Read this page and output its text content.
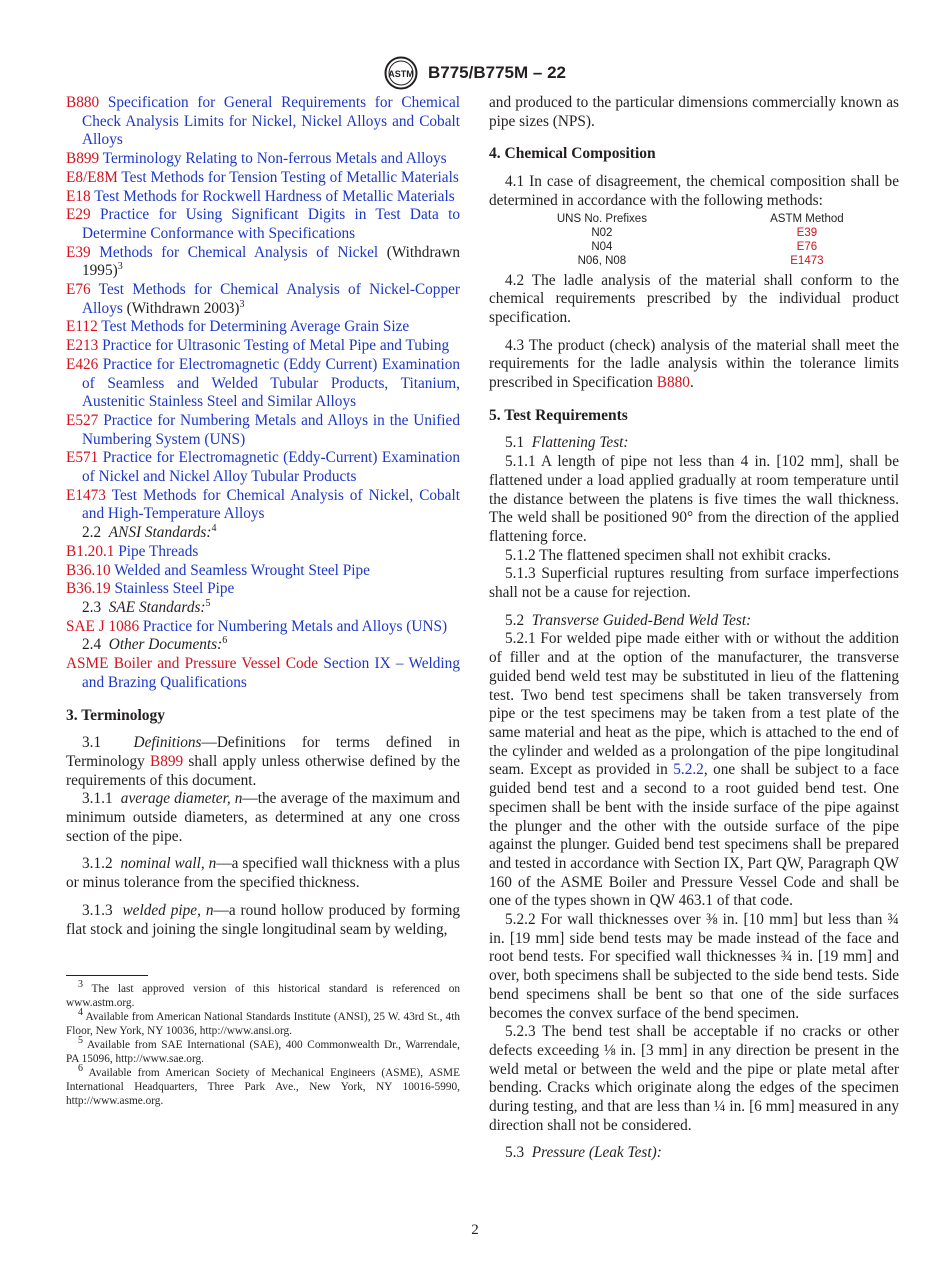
ASTM B775/B775M – 22

B880 Specification for General Requirements for Chemical Check Analysis Limits for Nickel, Nickel Alloys and Cobalt Alloys

B899 Terminology Relating to Non-ferrous Metals and Alloys

E8/E8M Test Methods for Tension Testing of Metallic Materials

E18 Test Methods for Rockwell Hardness of Metallic Materials

E29 Practice for Using Significant Digits in Test Data to Determine Conformance with Specifications

E39 Methods for Chemical Analysis of Nickel (Withdrawn 1995)$^3$

E76 Test Methods for Chemical Analysis of Nickel-Copper Alloys (Withdrawn 2003)$^3$

E112 Test Methods for Determining Average Grain Size

E213 Practice for Ultrasonic Testing of Metal Pipe and Tubing

E426 Practice for Electromagnetic (Eddy Current) Examination of Seamless and Welded Tubular Products, Titanium, Austenitic Stainless Steel and Similar Alloys

E527 Practice for Numbering Metals and Alloys in the Unified Numbering System (UNS)

E571 Practice for Electromagnetic (Eddy-Current) Examination of Nickel and Nickel Alloy Tubular Products

E1473 Test Methods for Chemical Analysis of Nickel, Cobalt and High-Temperature Alloys

2.2 ANSI Standards:$^4$

B1.20.1 Pipe Threads

B36.10 Welded and Seamless Wrought Steel Pipe

B36.19 Stainless Steel Pipe

2.3 SAE Standards:$^5$

SAE J 1086 Practice for Numbering Metals and Alloys (UNS)

2.4 Other Documents:$^6$

ASME Boiler and Pressure Vessel Code Section IX – Welding and Brazing Qualifications

3. Terminology

3.1 Definitions—Definitions for terms defined in Terminology B899 shall apply unless otherwise defined by the requirements of this document.

3.1.1 average diameter, n—the average of the maximum and minimum outside diameters, as determined at any one cross section of the pipe.

3.1.2 nominal wall, n—a specified wall thickness with a plus or minus tolerance from the specified thickness.

3.1.3 welded pipe, n—a round hollow produced by forming flat stock and joining the single longitudinal seam by welding,

$^3$ The last approved version of this historical standard is referenced on www.astm.org.

$^4$ Available from American National Standards Institute (ANSI), 25 W. 43rd St., 4th Floor, New York, NY 10036, http://www.ansi.org.

$^5$ Available from SAE International (SAE), 400 Commonwealth Dr., Warrendale, PA 15096, http://www.sae.org.

$^6$ Available from American Society of Mechanical Engineers (ASME), ASME International Headquarters, Three Park Ave., New York, NY 10016-5990, http://www.asme.org.

and produced to the particular dimensions commercially known as pipe sizes (NPS).

4. Chemical Composition

4.1 In case of disagreement, the chemical composition shall be determined in accordance with the following methods:

UNS No. Prefixes	ASTM Method
N02	E39
N04	E76
N06, N08	E1473

4.2 The ladle analysis of the material shall conform to the chemical requirements prescribed by the individual product specification.

4.3 The product (check) analysis of the material shall meet the requirements for the ladle analysis within the tolerance limits prescribed in Specification B880.

5. Test Requirements

5.1 Flattening Test:

5.1.1 A length of pipe not less than 4 in. [102 mm], shall be flattened under a load applied gradually at room temperature until the distance between the platens is five times the wall thickness. The weld shall be positioned 90° from the direction of the applied flattening force.

5.1.2 The flattened specimen shall not exhibit cracks.

5.1.3 Superficial ruptures resulting from surface imperfections shall not be a cause for rejection.

5.2 Transverse Guided-Bend Weld Test:

5.2.1 For welded pipe made either with or without the addition of filler and at the option of the manufacturer, the transverse guided bend weld test may be substituted in lieu of the flattening test. Two bend test specimens shall be taken transversely from pipe or the test specimens may be taken from a test plate of the same material and heat as the pipe, which is attached to the end of the cylinder and welded as a prolongation of the pipe longitudinal seam. Except as provided in 5.2.2, one shall be subject to a face guided bend test and a second to a root guided bend test. One specimen shall be bent with the inside surface of the pipe against the plunger and the other with the outside surface of the pipe against the plunger. Guided bend test specimens shall be prepared and tested in accordance with Section IX, Part QW, Paragraph QW 160 of the ASME Boiler and Pressure Vessel Code and shall be one of the types shown in QW 463.1 of that code.

5.2.2 For wall thicknesses over ⅜ in. [10 mm] but less than ¾ in. [19 mm] side bend tests may be made instead of the face and root bend tests. For specified wall thicknesses ¾ in. [19 mm] and over, both specimens shall be subjected to the side bend tests. Side bend specimens shall be bent so that one of the side surfaces becomes the convex surface of the bend specimen.

5.2.3 The bend test shall be acceptable if no cracks or other defects exceeding ⅛ in. [3 mm] in any direction be present in the weld metal or between the weld and the pipe or plate metal after bending. Cracks which originate along the edges of the specimen during testing, and that are less than ¼ in. [6 mm] measured in any direction shall not be considered.

5.3 Pressure (Leak Test):

2
